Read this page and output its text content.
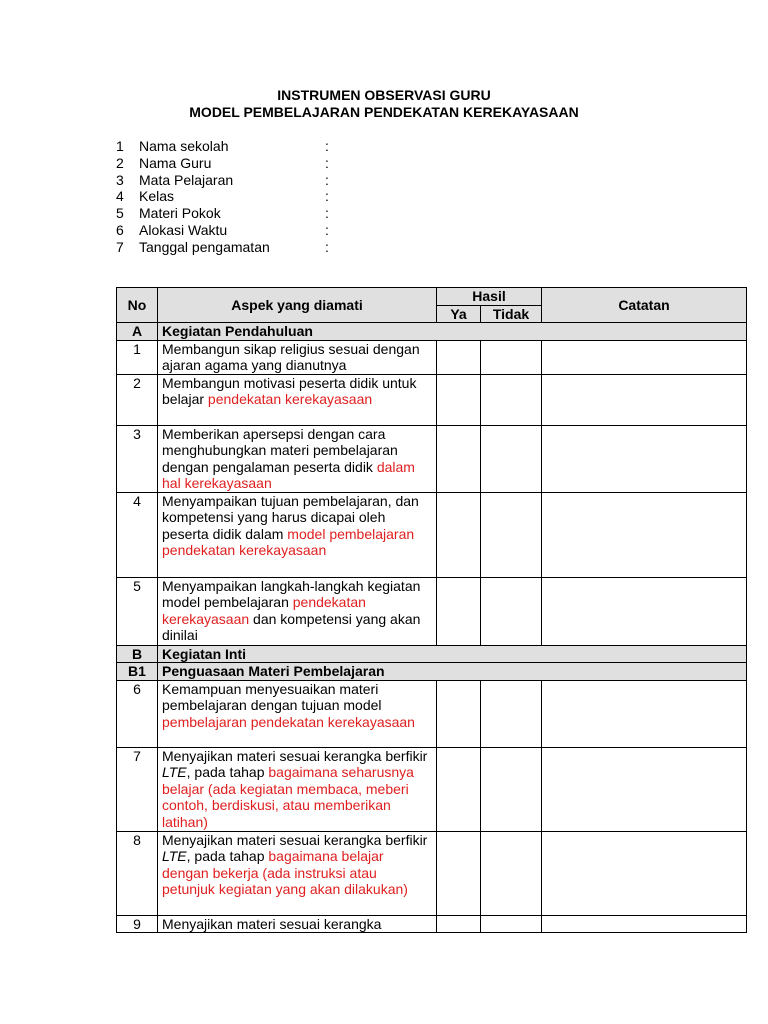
INSTRUMEN OBSERVASI GURU
MODEL PEMBELAJARAN PENDEKATAN KEREKAYASAAN
1 Nama sekolah	:
2 Nama Guru	:
3 Mata Pelajaran	:
4 Kelas	:
5 Materi Pokok	:
6 Alokasi Waktu	:
7 Tanggal pengamatan	:
No	Aspek yang diamati	Hasil		Catatan
		Ya	Tidak	
A	Kegiatan Pendahuluan			
1	Membangun sikap religius sesuai dengan ajaran agama yang dianutnya			
2	Membangun motivasi peserta didik untuk belajar pendekatan kerekayasaan			
3	Memberikan apersepsi dengan cara menghubungkan materi pembelajaran dengan pengalaman peserta didik dalam hal kerekayasaan			
4	Menyampaikan tujuan pembelajaran, dan kompetensi yang harus dicapai oleh peserta didik dalam model pembelajaran pendekatan kerekayasaan			
5	Menyampaikan langkah-langkah kegiatan model pembelajaran pendekatan kerekayasaan dan kompetensi yang akan dinilai			
B	Kegiatan Inti			
B1	Penguasaan Materi Pembelajaran			
6	Kemampuan menyesuaikan materi pembelajaran dengan tujuan model pembelajaran pendekatan kerekayasaan			
7	Menyajikan materi sesuai kerangka berfikir LTE, pada tahap bagaimana seharusnya belajar (ada kegiatan membaca, meberi contoh, berdiskusi, atau memberikan latihan)			
8	Menyajikan materi sesuai kerangka berfikir LTE, pada tahap bagaimana belajar dengan bekerja (ada instruksi atau petunjuk kegiatan yang akan dilakukan)			
9	Menyajikan materi sesuai kerangka			
